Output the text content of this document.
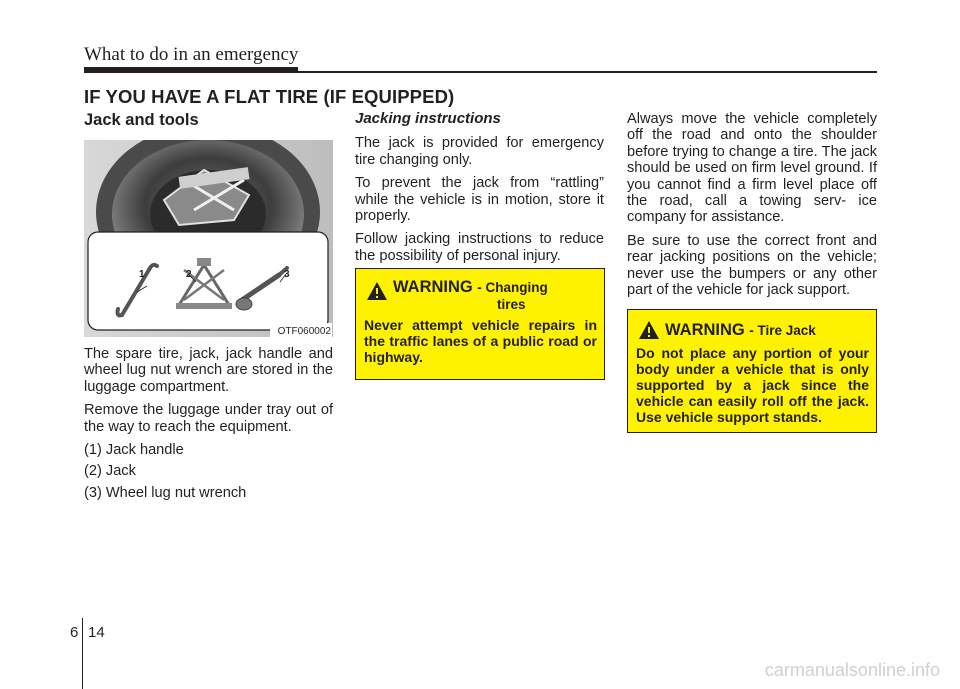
What to do in an emergency
IF YOU HAVE A FLAT TIRE (IF EQUIPPED)
Jack and tools
1	2	3
OTF060002

The spare tire, jack, jack handle and wheel lug nut wrench are stored in the luggage compartment.

Remove the luggage under tray out of the way to reach the equipment.

(1) Jack handle

(2) Jack

(3) Wheel lug nut wrench

Jacking instructions

The jack is provided for emergency tire changing only.

To prevent the jack from “rattling” while the vehicle is in motion, store it properly.

Follow jacking instructions to reduce the possibility of personal injury.

WARNING - Changing
tires
Never attempt vehicle repairs in the traffic lanes of a public road or highway.

Always move the vehicle completely off the road and onto the shoulder before trying to change a tire. The jack should be used on firm level ground. If you cannot find a firm level place off the road, call a towing serv- ice company for assistance.

Be sure to use the correct front and rear jacking positions on the vehicle; never use the bumpers or any other part of the vehicle for jack support.

WARNING - Tire Jack
Do not place any portion of your body under a vehicle that is only supported by a jack since the vehicle can easily roll off the jack. Use vehicle support stands.
6 14
carmanualsonline.info
